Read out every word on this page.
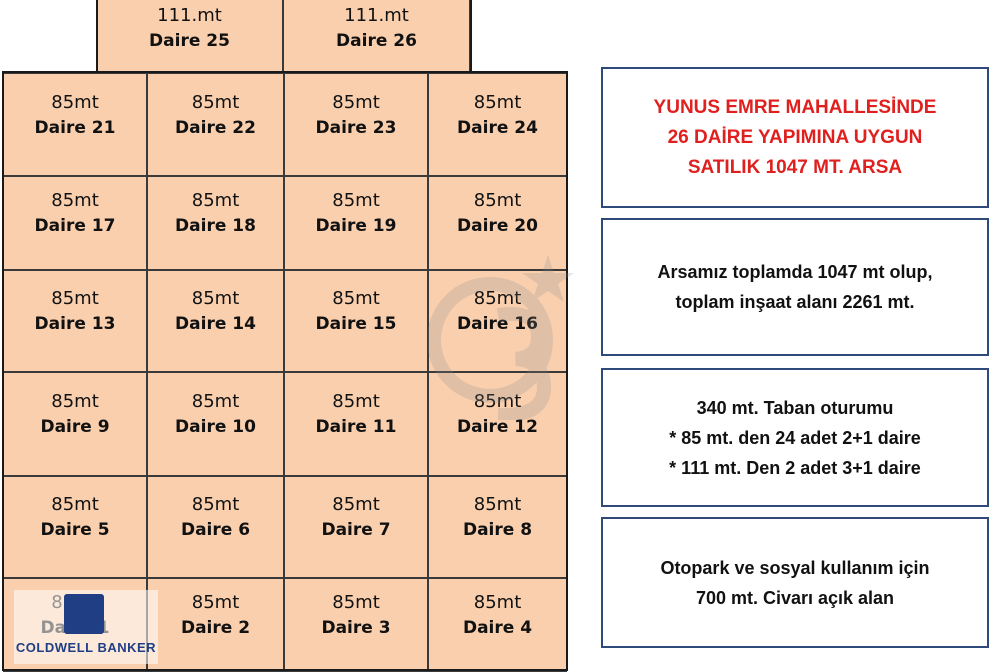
85mt
Daire 4
85mt
Daire 3
85mt
Daire 2
85mt
Daire 8
85mt
Daire 7
85mt
Daire 6
85mt
Daire 5
85mt
Daire 12
85mt
Daire 11
85mt
Daire 10
85mt
Daire 9
85mt
Daire 16
85mt
Daire 15
85mt
Daire 14
85mt
Daire 13
85mt
Daire 20
85mt
Daire 19
85mt
Daire 18
85mt
Daire 17
85mt
Daire 24
85mt
Daire 23
85mt
Daire 22
85mt
Daire 21
111.mt
Daire 26
111.mt
Daire 25
YUNUS EMRE MAHALLESİNDE
26 DAİRE YAPIMINA UYGUN
SATILIK 1047 MT. ARSA
Arsamız toplamda 1047 mt olup,
toplam inşaat alanı 2261 mt.
340 mt. Taban oturumu
* 85 mt. den 24 adet 2+1 daire
* 111 mt. Den 2 adet 3+1 daire
Otopark ve sosyal kullanım için
700 mt. Civarı açık alan
COLDWELL BANKER
